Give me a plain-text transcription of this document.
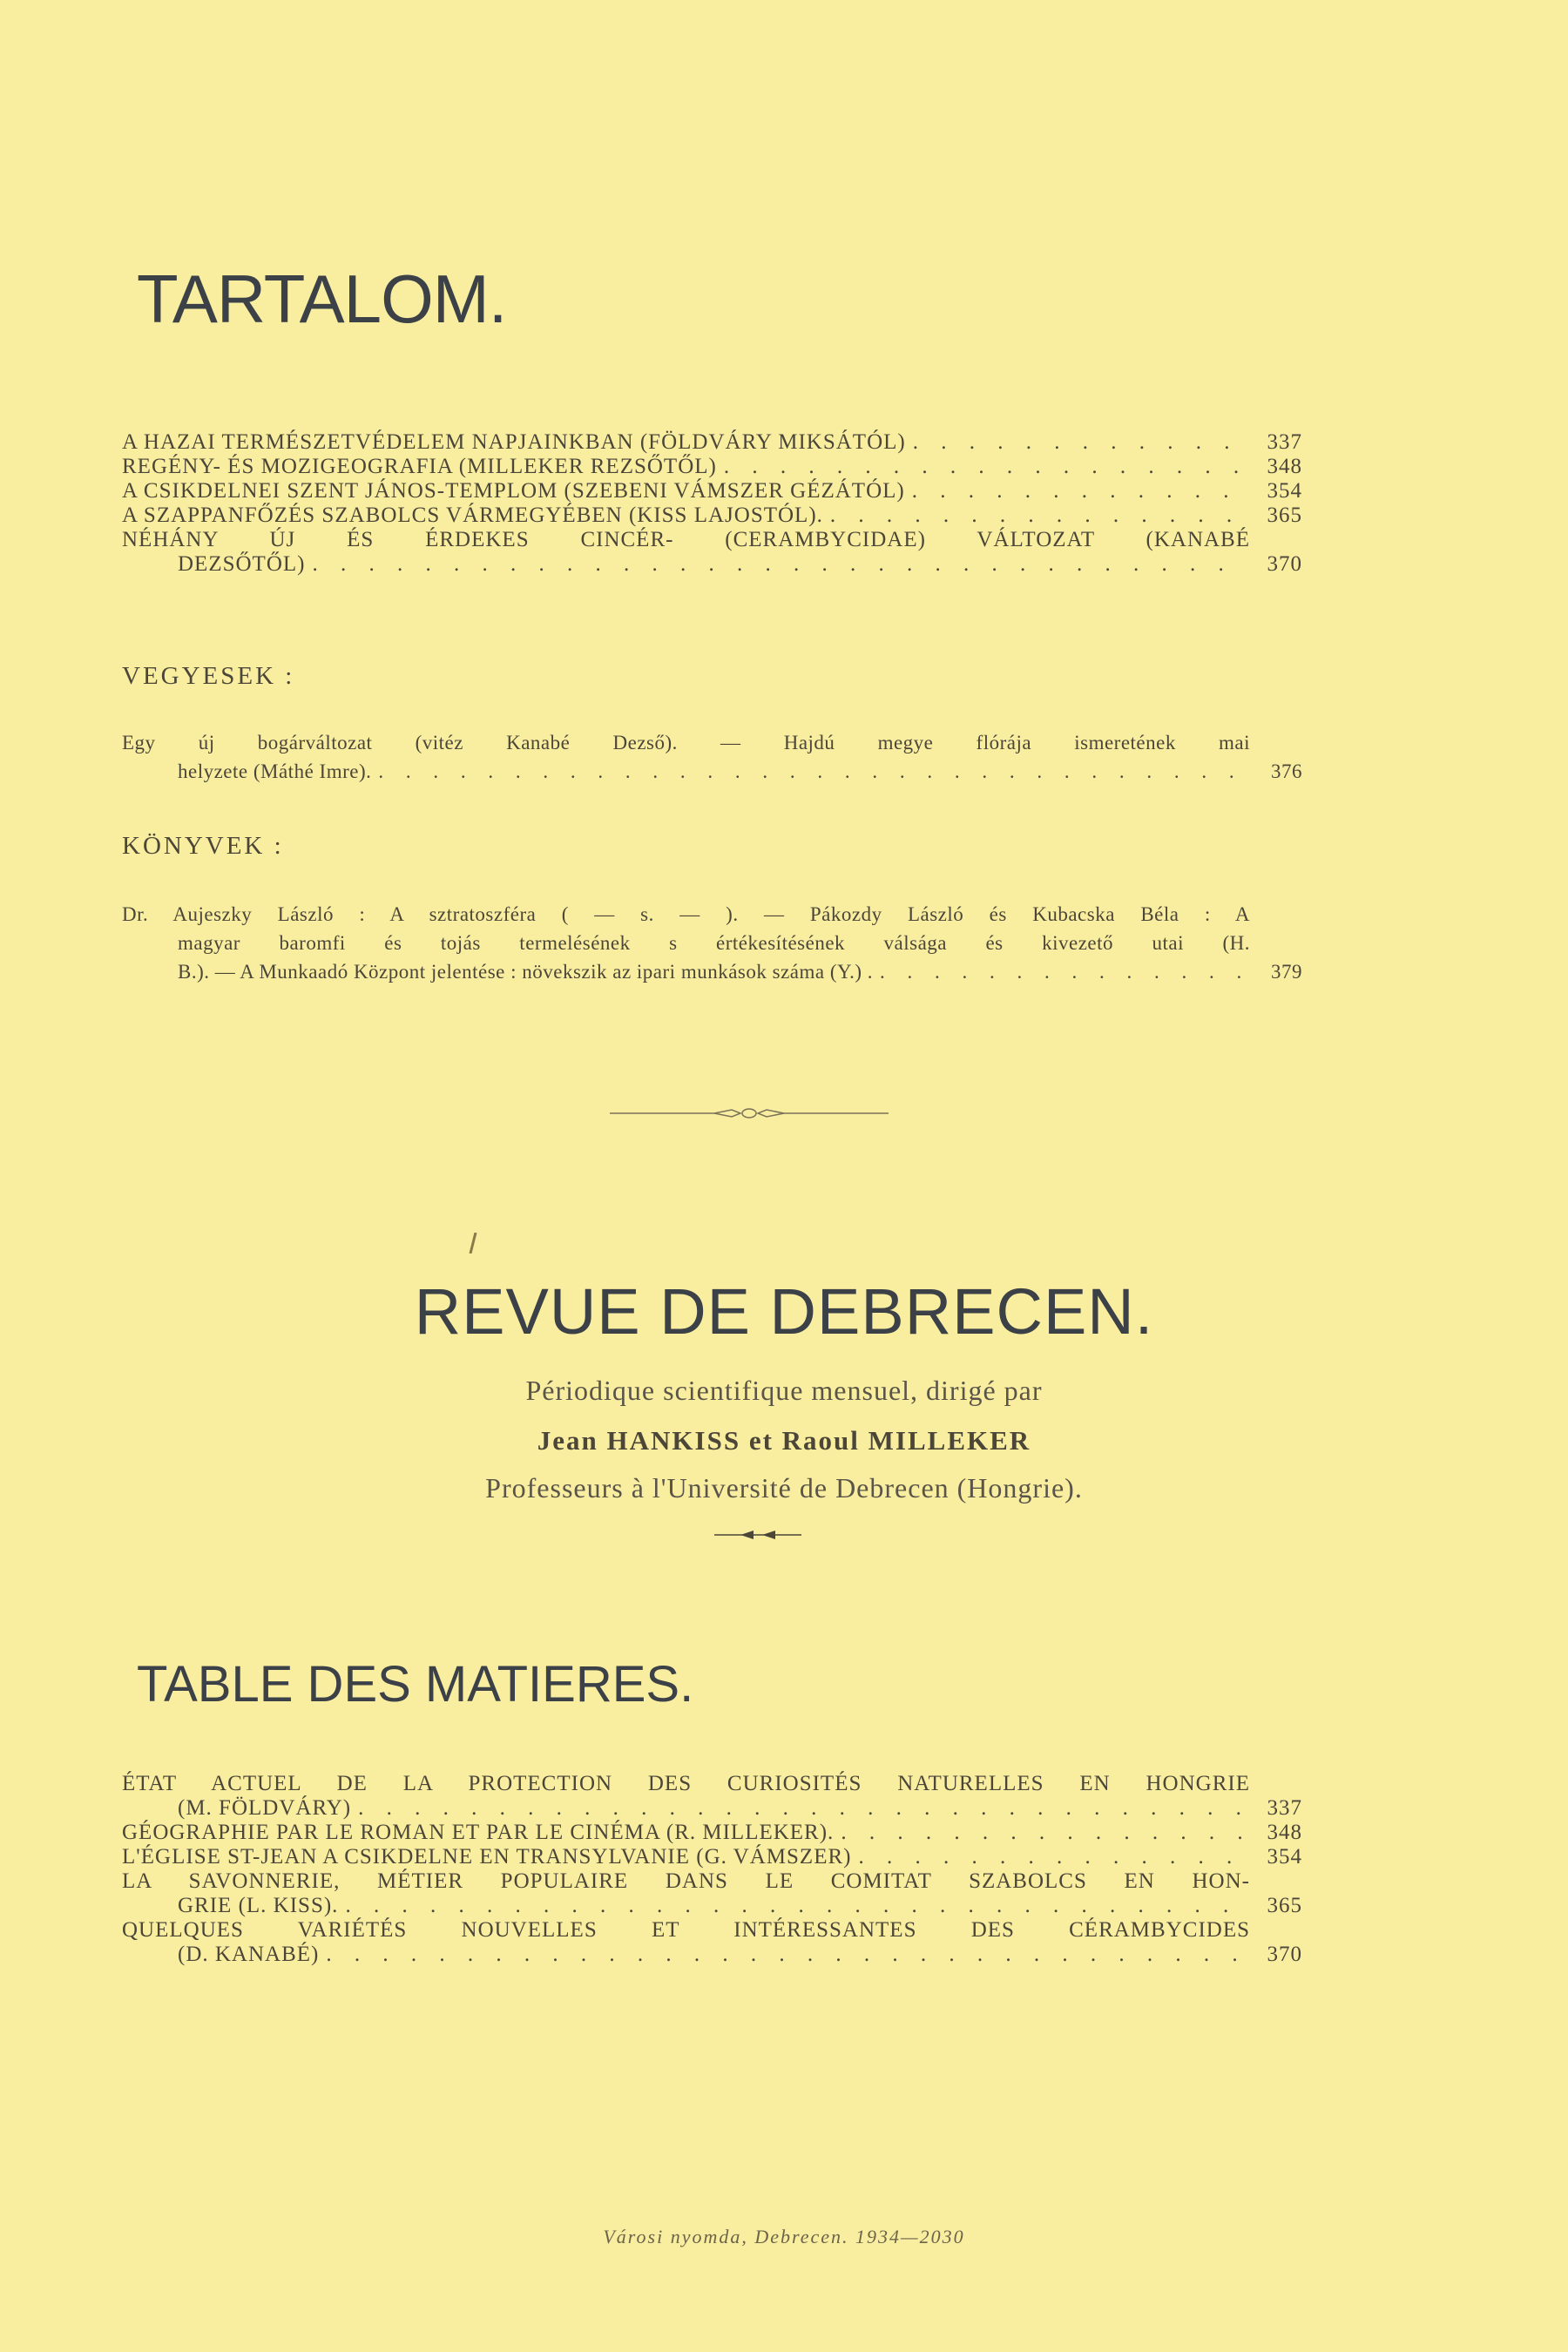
TARTALOM.
A HAZAI TERMÉSZETVÉDELEM NAPJAINKBAN (FÖLDVÁRY MIKSÁTÓL) . . .	337
REGÉNY- ÉS MOZIGEOGRAFIA (MILLEKER REZSŐTŐL) . . .	348
A CSIKDELNEI SZENT JÁNOS-TEMPLOM (SZEBENI VÁMSZER GÉZÁTÓL) . . .	354
A SZAPPANFŐZÉS SZABOLCS VÁRMEGYÉBEN (KISS LAJOSTÓL). . . .	365
NÉHÁNY ÚJ ÉS ÉRDEKES CINCÉR- (CERAMBYCIDAE) VÁLTOZAT (KANABÉ
DEZSŐTŐL) . . .	370
VEGYESEK :
Egy új bogárváltozat (vitéz Kanabé Dezső). — Hajdú megye flórája ismeretének mai
helyzete (Máthé Imre). . . .	376
KÖNYVEK :
Dr. Aujeszky László : A sztratoszféra ( — s. — ). — Pákozdy László és Kubacska Béla : A
magyar baromfi és tojás termelésének s értékesítésének válsága és kivezető utai (H.
B.). — A Munkaadó Központ jelentése : növekszik az ipari munkások száma (Y.) . . . .	379
REVUE DE DEBRECEN.
Périodique scientifique mensuel, dirigé par
Jean HANKISS et Raoul MILLEKER
Professeurs à l'Université de Debrecen (Hongrie).
TABLE DES MATIERES.
ÉTAT ACTUEL DE LA PROTECTION DES CURIOSITÉS NATURELLES EN HONGRIE
(M. FÖLDVÁRY) . . .	337
GÉOGRAPHIE PAR LE ROMAN ET PAR LE CINÉMA (R. MILLEKER). . . .	348
L'ÉGLISE ST-JEAN A CSIKDELNE EN TRANSYLVANIE (G. VÁMSZER) . . .	354
LA SAVONNERIE, MÉTIER POPULAIRE DANS LE COMITAT SZABOLCS EN HON-
GRIE (L. KISS). . . .	365
QUELQUES VARIÉTÉS NOUVELLES ET INTÉRESSANTES DES CÉRAMBYCIDES
(D. KANABÉ) . . .	370
Városi nyomda, Debrecen. 1934—2030
